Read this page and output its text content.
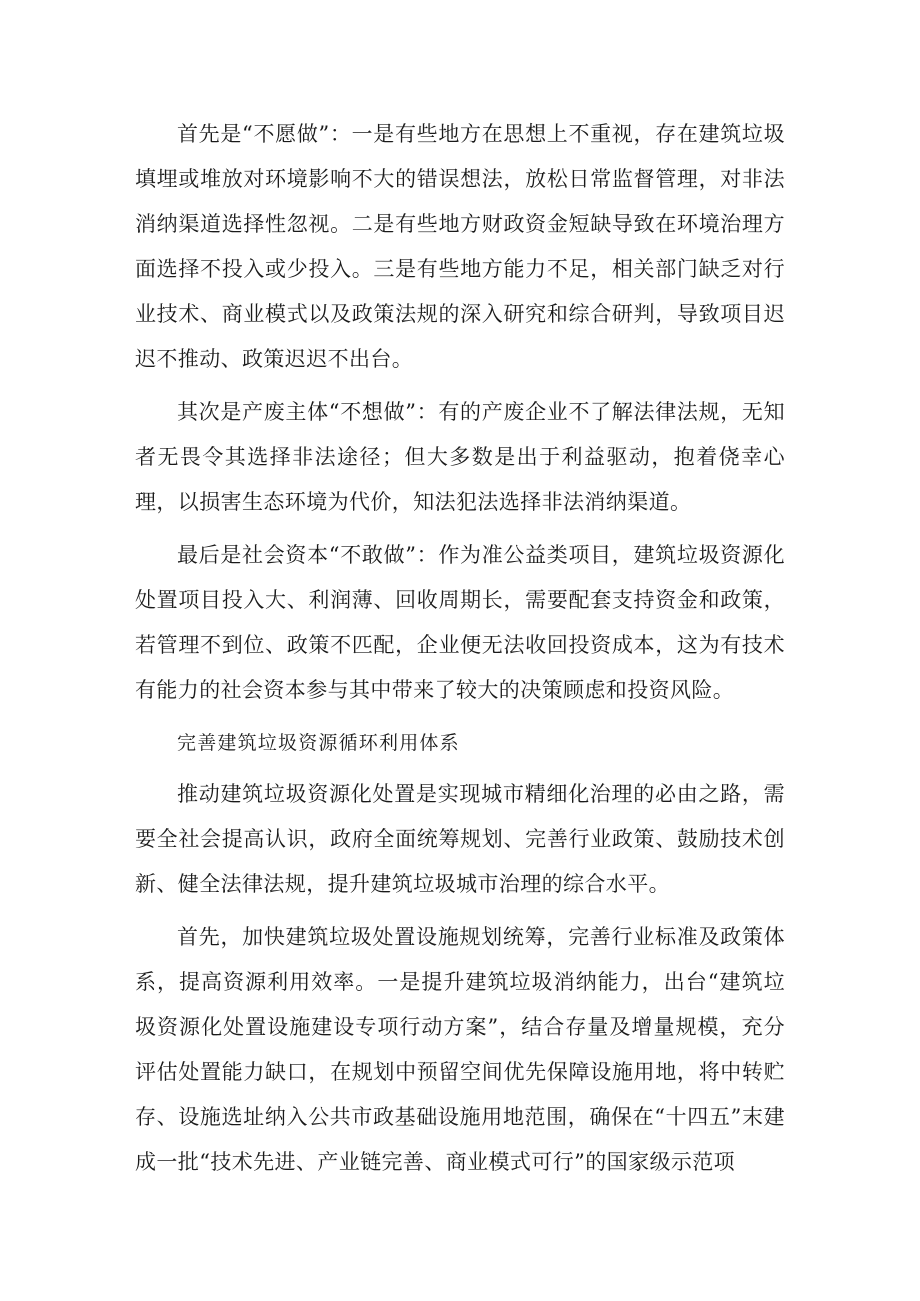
首先是“不愿做”：一是有些地方在思想上不重视，存在建筑垃圾填埋或堆放对环境影响不大的错误想法，放松日常监督管理，对非法消纳渠道选择性忽视。二是有些地方财政资金短缺导致在环境治理方面选择不投入或少投入。三是有些地方能力不足，相关部门缺乏对行业技术、商业模式以及政策法规的深入研究和综合研判，导致项目迟迟不推动、政策迟迟不出台。

其次是产废主体“不想做”：有的产废企业不了解法律法规，无知者无畏令其选择非法途径；但大多数是出于利益驱动，抱着侥幸心理，以损害生态环境为代价，知法犯法选择非法消纳渠道。

最后是社会资本“不敢做”：作为准公益类项目，建筑垃圾资源化处置项目投入大、利润薄、回收周期长，需要配套支持资金和政策，若管理不到位、政策不匹配，企业便无法收回投资成本，这为有技术有能力的社会资本参与其中带来了较大的决策顾虑和投资风险。

完善建筑垃圾资源循环利用体系

推动建筑垃圾资源化处置是实现城市精细化治理的必由之路，需要全社会提高认识，政府全面统筹规划、完善行业政策、鼓励技术创新、健全法律法规，提升建筑垃圾城市治理的综合水平。

首先，加快建筑垃圾处置设施规划统筹，完善行业标准及政策体系，提高资源利用效率。一是提升建筑垃圾消纳能力，出台“建筑垃圾资源化处置设施建设专项行动方案”，结合存量及增量规模，充分评估处置能力缺口，在规划中预留空间优先保障设施用地，将中转贮存、设施选址纳入公共市政基础设施用地范围，确保在“十四五”末建成一批“技术先进、产业链完善、商业模式可行”的国家级示范项
